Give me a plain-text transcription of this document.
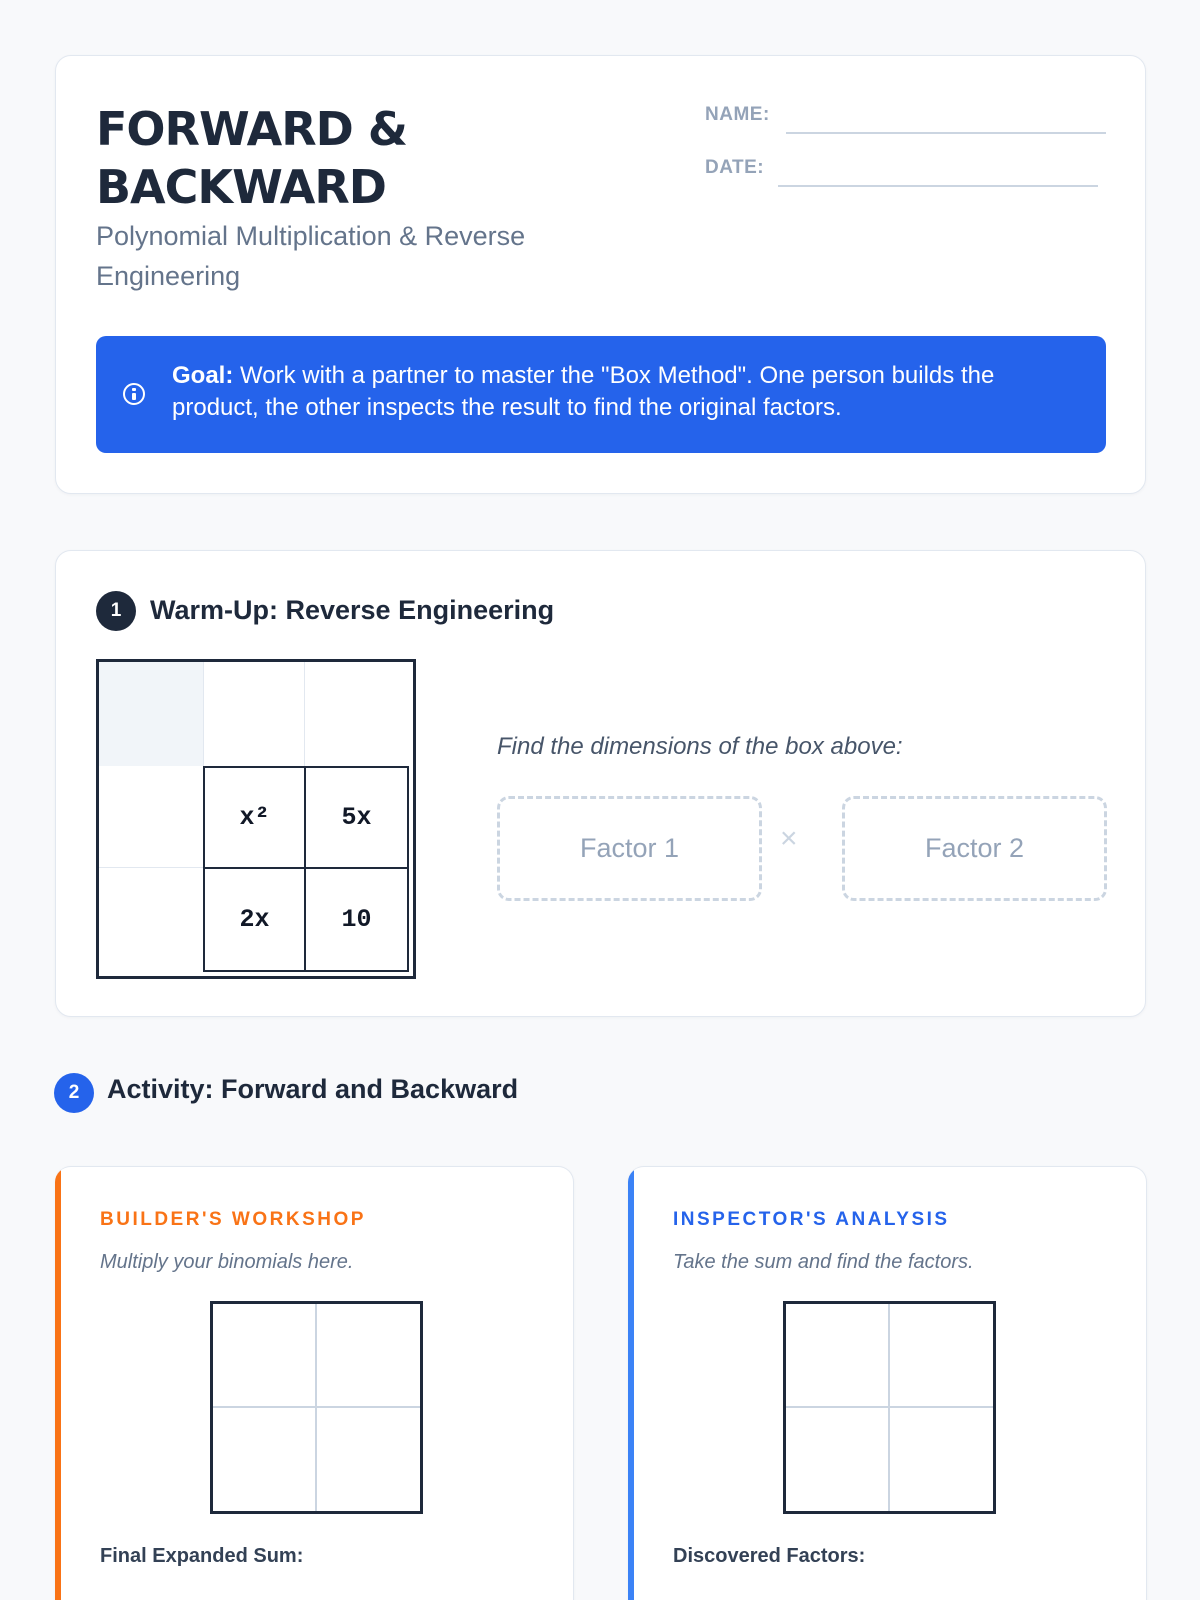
FORWARD &
BACKWARD
Polynomial Multiplication & Reverse Engineering
NAME:
DATE:
Goal: Work with a partner to master the "Box Method". One person builds the product, the other inspects the result to find the original factors.
1	Warm-Up: Reverse Engineering
x²	5x
2x	10
Find the dimensions of the box above:
Factor 1	×	Factor 2
2	Activity: Forward and Backward
BUILDER'S WORKSHOP
Multiply your binomials here.
Final Expanded Sum:
INSPECTOR'S ANALYSIS
Take the sum and find the factors.
Discovered Factors:
